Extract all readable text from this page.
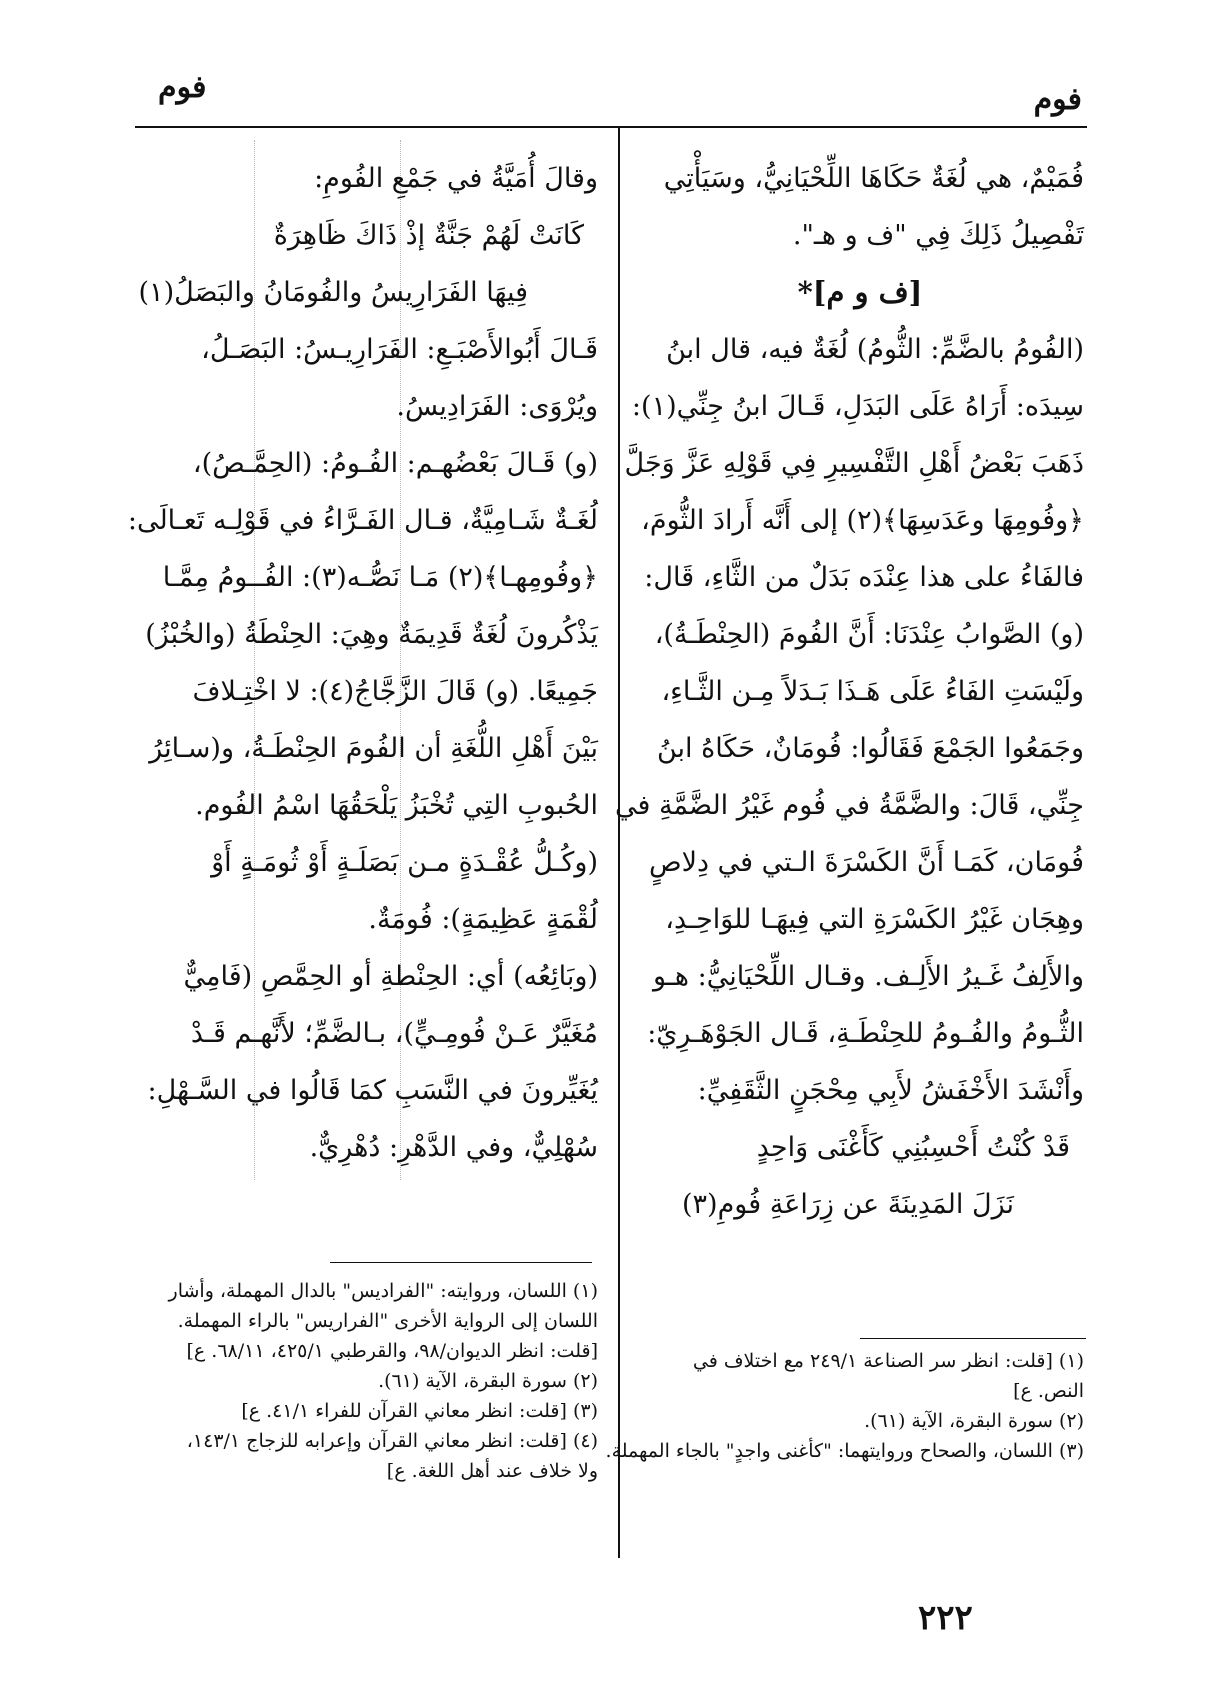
فوم
فوم
فُمَيْمٌ، هي لُغَةٌ حَكَاهَا اللِّحْيَانِيُّ، وسَيَأْتِي
تَفْصِيلُ ذَلِكَ فِي "ف و هـ".
[ف و م]*
(الفُومُ بالضَّمِّ: الثُّومُ) لُغَةٌ فيه، قال ابنُ
سِيدَه: أَرَاهُ عَلَى البَدَلِ، قَـالَ ابنُ جِنِّي(١):
ذَهَبَ بَعْضُ أَهْلِ التَّفْسِيرِ فِي قَوْلِهِ عَزَّ وَجَلَّ
﴿وفُومِهَا وعَدَسِهَا﴾(٢) إلى أَنَّه أَرادَ الثُّومَ،
فالفَاءُ على هذا عِنْدَه بَدَلٌ من الثَّاءِ، قَال:
(و) الصَّوابُ عِنْدَنَا: أَنَّ الفُومَ (الحِنْطَـةُ)،
ولَيْسَتِ الفَاءُ عَلَى هَـذَا بَـدَلاً مِـن الثَّـاءِ،
وجَمَعُوا الجَمْعَ فَقَالُوا: فُومَانٌ، حَكَاهُ ابنُ
جِنِّي، قَالَ: والضَّمَّةُ في فُوم غَيْرُ الضَّمَّةِ في
فُومَان، كَمَـا أَنَّ الكَسْرَةَ الـتي في دِلاصٍ
وهِجَان غَيْرُ الكَسْرَةِ التي فِيهَـا للوَاحِـدِ،
والأَلِفُ غَـيرُ الأَلِـف. وقـال اللِّحْيَانِيُّ: هـو
الثُّـومُ والفُـومُ للحِنْطَـةِ، قَـال الجَوْهَـرِيّ:
وأَنْشَدَ الأَخْفَشُ لأَبِي مِحْجَنٍ الثَّقَفِيِّ:
قَدْ كُنْتُ أَحْسِبُنِي كَأَغْنَى وَاحِدٍ
نَزَلَ المَدِينَةَ عن زِرَاعَةِ فُومِ(٣)
وقالَ أُمَيَّةُ في جَمْعِ الفُومِ:
كَانَتْ لَهُمْ جَنَّةٌ إذْ ذَاكَ ظَاهِرَةٌ
فِيهَا الفَرَارِيسُ والفُومَانُ والبَصَلُ(١)
قَـالَ أَبُوالأَصْبَـعِ: الفَرَارِيـسُ: البَصَـلُ،
ويُرْوَى: الفَرَادِيسُ.
(و) قَـالَ بَعْضُهـم: الفُـومُ: (الحِمَّـصُ)،
لُغَـةٌ شَـامِيَّةٌ، قـال الفَـرَّاءُ في قَوْلِـه تَعـالَى:
﴿وفُومِهـا﴾(٢) مَـا نَصُّـه(٣): الفُــومُ مِمَّـا
يَذْكُرونَ لُغَةٌ قَدِيمَةٌ وهِيَ: الحِنْطَةُ (والخُبْزُ)
جَمِيعًا. (و) قَالَ الزَّجَّاجُ(٤): لا اخْتِـلافَ
بَيْنَ أَهْلِ اللُّغَةِ أن الفُومَ الحِنْطَـةُ، و(سـائِرُ
الحُبوبِ التِي تُخْبَزُ يَلْحَقُهَا اسْمُ الفُوم.
(وكُـلُّ عُقْـدَةٍ مـن بَصَلَـةٍ أَوْ ثُومَـةٍ أَوْ
لُقْمَةٍ عَظِيمَةٍ): فُومَةٌ.
(وبَائِعُه) أي: الحِنْطةِ أو الحِمَّصِ (فَامِيٌّ
مُغَيَّرٌ عَـنْ فُومِـيٍّ)، بـالضَّمِّ؛ لأَنَّهـم قَـدْ
يُغَيِّرونَ في النَّسَبِ كمَا قَالُوا في السَّـهْلِ:
سُهْلِيٌّ، وفي الدَّهْرِ: دُهْرِيٌّ.
(١) [قلت: انظر سر الصناعة ٢٤٩/١ مع اختلاف في
النص. ع]
(٢) سورة البقرة، الآية (٦١).
(٣) اللسان، والصحاح وروايتهما: "كأغنى واجدٍ" بالجاء المهملة.
(١) اللسان، وروايته: "الفراديس" بالدال المهملة، وأشار
اللسان إلى الرواية الأخرى "الفراريس" بالراء المهملة.
[قلت: انظر الديوان/٩٨، والقرطبي ٤٢٥/١، ٦٨/١١. ع]
(٢) سورة البقرة، الآية (٦١).
(٣) [قلت: انظر معاني القرآن للفراء ٤١/١. ع]
(٤) [قلت: انظر معاني القرآن وإعرابه للزجاج ١٤٣/١،
ولا خلاف عند أهل اللغة. ع]
٢٢٢
